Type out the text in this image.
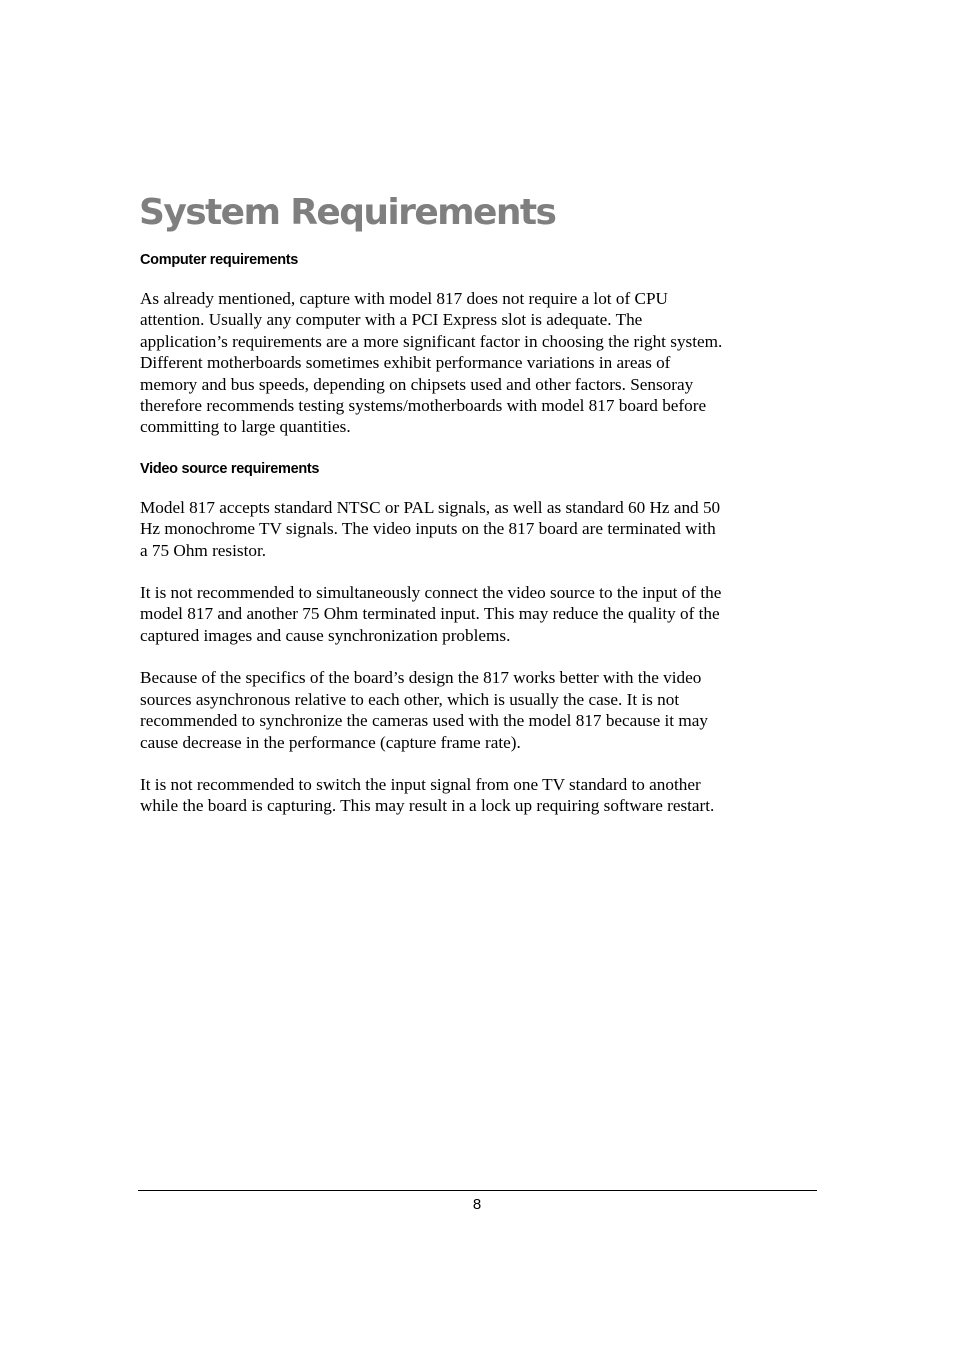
System Requirements
Computer requirements

As already mentioned, capture with model 817 does not require a lot of CPU
attention. Usually any computer with a PCI Express slot is adequate. The
application’s requirements are a more significant factor in choosing the right system.
Different motherboards sometimes exhibit performance variations in areas of
memory and bus speeds, depending on chipsets used and other factors. Sensoray
therefore recommends testing systems/motherboards with model 817 board before
committing to large quantities.

Video source requirements

Model 817 accepts standard NTSC or PAL signals, as well as standard 60 Hz and 50
Hz monochrome TV signals. The video inputs on the 817 board are terminated with
a 75 Ohm resistor.

It is not recommended to simultaneously connect the video source to the input of the
model 817 and another 75 Ohm terminated input. This may reduce the quality of the
captured images and cause synchronization problems.

Because of the specifics of the board’s design the 817 works better with the video
sources asynchronous relative to each other, which is usually the case. It is not
recommended to synchronize the cameras used with the model 817 because it may
cause decrease in the performance (capture frame rate).

It is not recommended to switch the input signal from one TV standard to another
while the board is capturing. This may result in a lock up requiring software restart.

8
